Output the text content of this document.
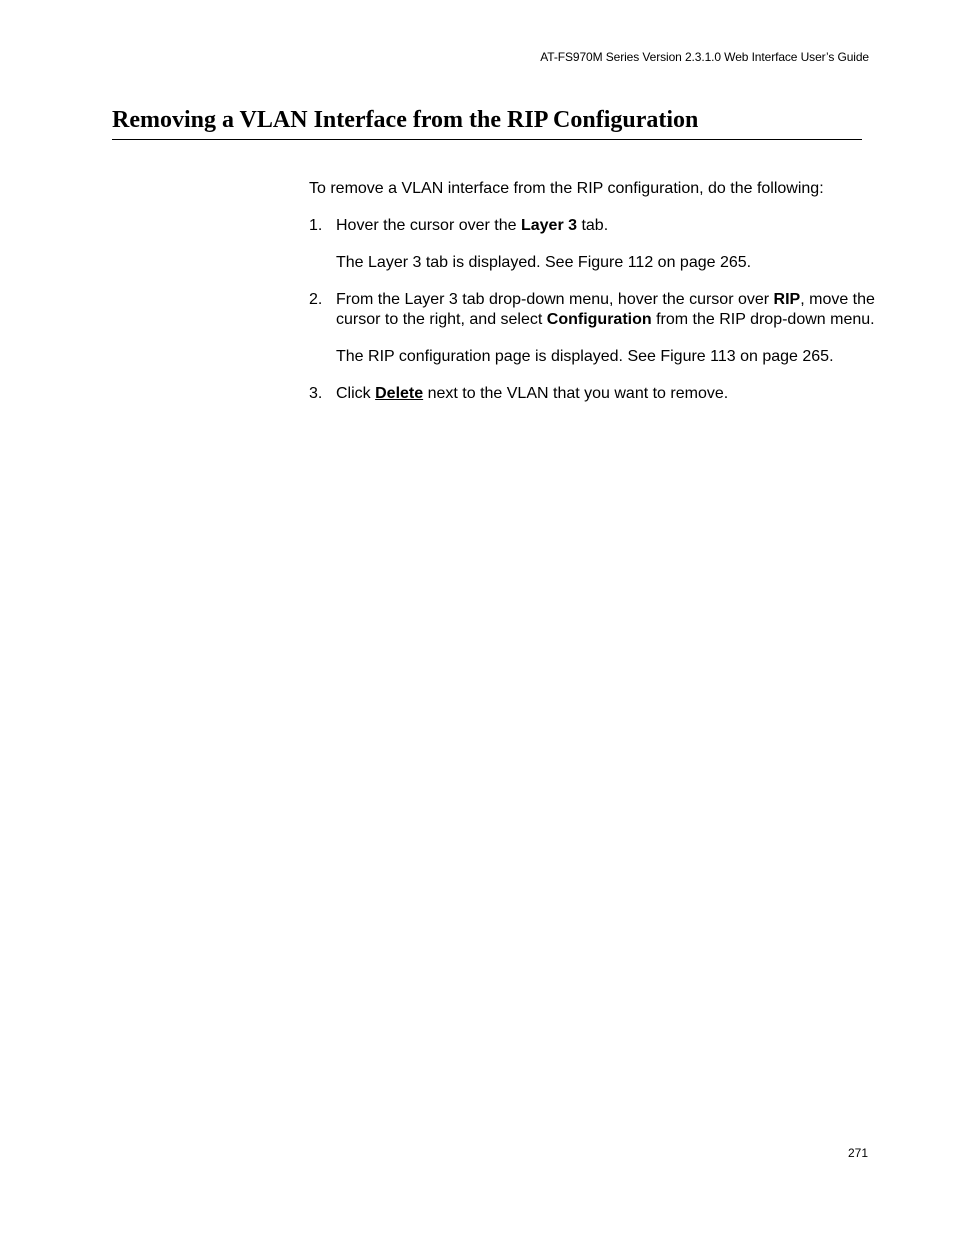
AT-FS970M Series Version 2.3.1.0 Web Interface User’s Guide
Removing a VLAN Interface from the RIP Configuration

To remove a VLAN interface from the RIP configuration, do the following:

1. Hover the cursor over the Layer 3 tab.

The Layer 3 tab is displayed. See Figure 112 on page 265.

2. From the Layer 3 tab drop-down menu, hover the cursor over RIP, move the cursor to the right, and select Configuration from the RIP drop-down menu.

The RIP configuration page is displayed. See Figure 113 on page 265.

3. Click Delete next to the VLAN that you want to remove.

271
